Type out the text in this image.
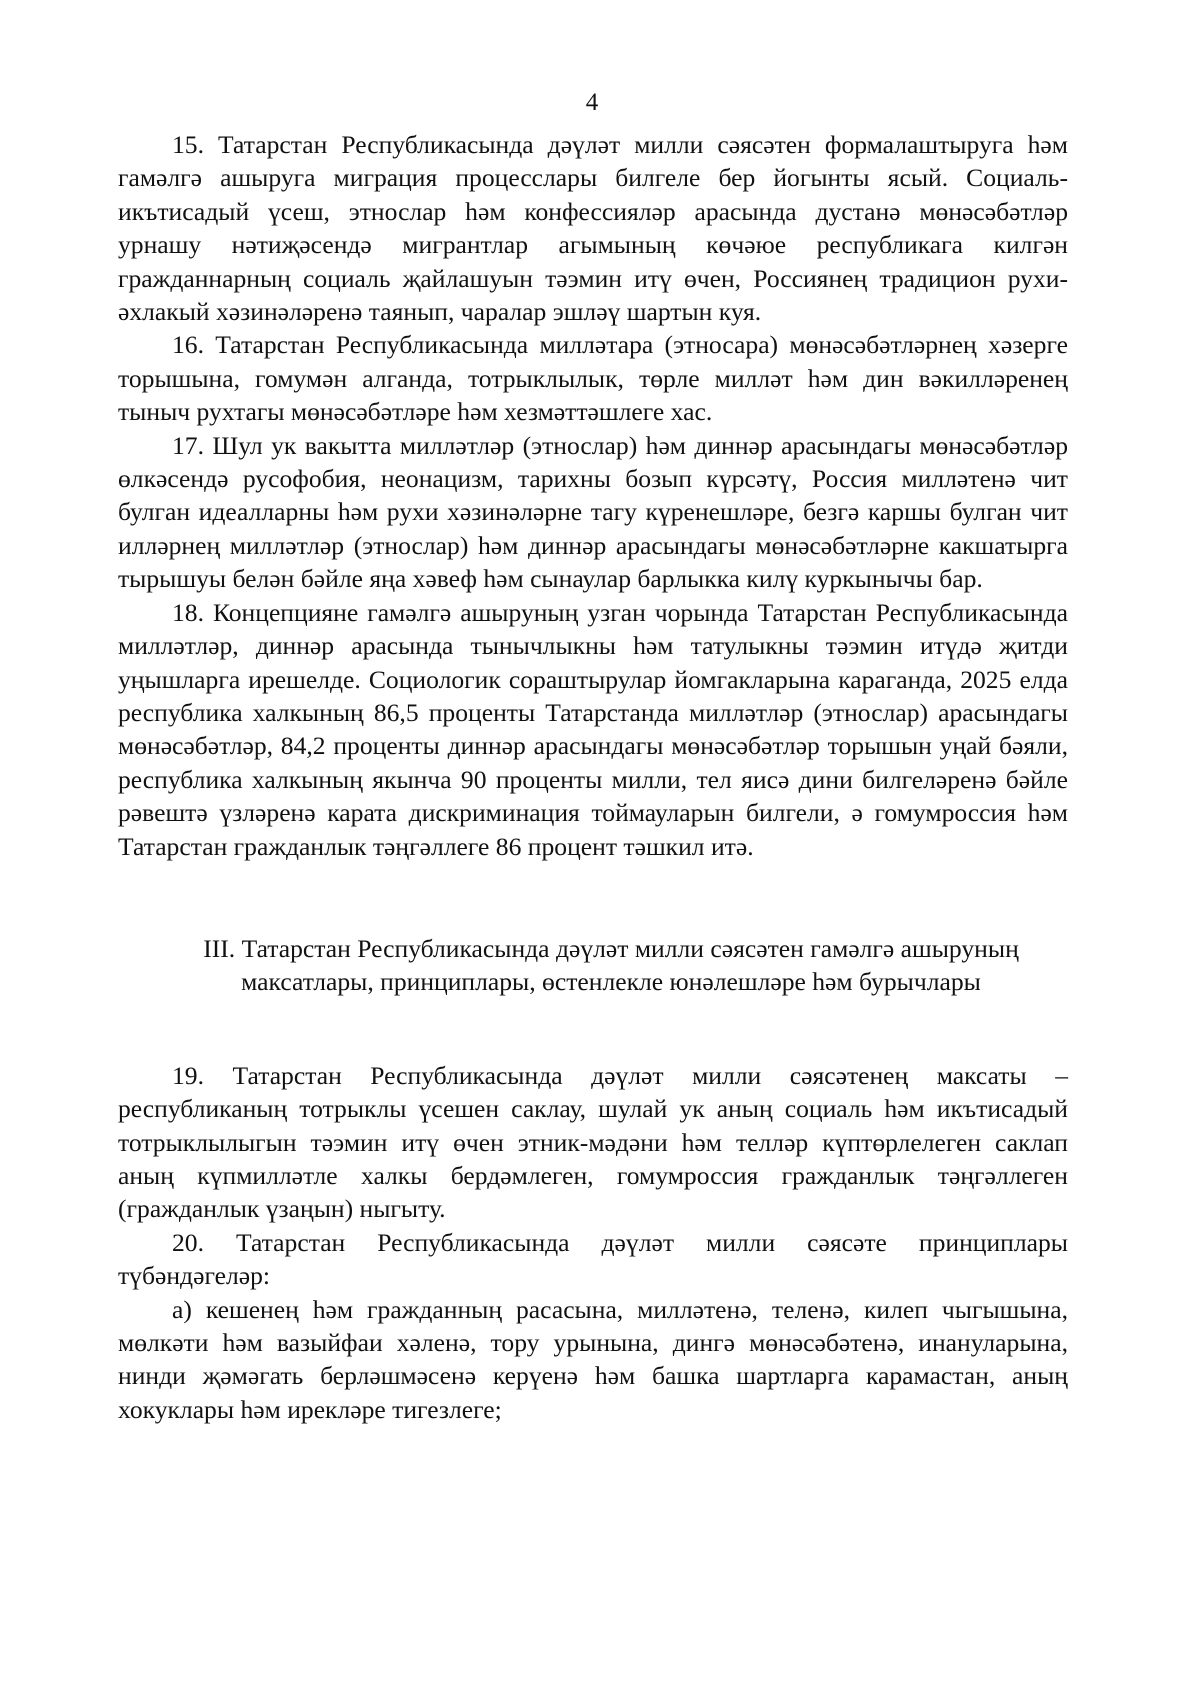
4

15. Татарстан Республикасында дәүләт милли сәясәтен формалаштыруга һәм гамәлгә ашыруга миграция процесслары билгеле бер йогынты ясый. Социаль-икътисадый үсеш, этнослар һәм конфессияләр арасында дустанә мөнәсәбәтләр урнашу нәтиҗәсендә мигрантлар агымының көчәюе республикага килгән гражданнарның социаль җайлашуын тәэмин итү өчен, Россиянең традицион рухи-әхлакый хәзинәләренә таянып, чаралар эшләү шартын куя.

16. Татарстан Республикасында милләтара (этносара) мөнәсәбәтләрнең хәзерге торышына, гомумән алганда, тотрыклылык, төрле милләт һәм дин вәкилләренең тыныч рухтагы мөнәсәбәтләре һәм хезмәттәшлеге хас.

17. Шул ук вакытта милләтләр (этнослар) һәм диннәр арасындагы мөнәсәбәтләр өлкәсендә русофобия, неонацизм, тарихны бозып күрсәтү, Россия милләтенә чит булган идеалларны һәм рухи хәзинәләрне тагу күренешләре, безгә каршы булган чит илләрнең милләтләр (этнослар) һәм диннәр арасындагы мөнәсәбәтләрне какшатырга тырышуы белән бәйле яңа хәвеф һәм сынаулар барлыкка килү куркынычы бар.

18. Концепцияне гамәлгә ашыруның узган чорында Татарстан Республикасында милләтләр, диннәр арасында тынычлыкны һәм татулыкны тәэмин итүдә җитди уңышларга ирешелде. Социологик сораштырулар йомгакларына караганда, 2025 елда республика халкының 86,5 проценты Татарстанда милләтләр (этнослар) арасындагы мөнәсәбәтләр, 84,2 проценты диннәр арасындагы мөнәсәбәтләр торышын уңай бәяли, республика халкының якынча 90 проценты милли, тел яисә дини билгеләренә бәйле рәвештә үзләренә карата дискриминация тоймауларын билгели, ә гомумроссия һәм Татарстан гражданлык тәңгәллеге 86 процент тәшкил итә.

III. Татарстан Республикасында дәүләт милли сәясәтен гамәлгә ашыруның максатлары, принциплары, өстенлекле юнәлешләре һәм бурычлары

19. Татарстан Республикасында дәүләт милли сәясәтенең максаты – республиканың тотрыклы үсешен саклау, шулай ук аның социаль һәм икътисадый тотрыклылыгын тәэмин итү өчен этник-мәдәни һәм телләр күптөрлелеген саклап аның күпмилләтле халкы бердәмлеген, гомумроссия гражданлык тәңгәллеген (гражданлык үзаңын) ныгыту.

20. Татарстан Республикасында дәүләт милли сәясәте принциплары түбәндәгеләр:

а) кешенең һәм гражданның расасына, милләтенә, теленә, килеп чыгышына, мөлкәти һәм вазыйфаи хәленә, тору урынына, дингә мөнәсәбәтенә, инануларына, нинди җәмәгать берләшмәсенә керүенә һәм башка шартларга карамастан, аның хокуклары һәм ирекләре тигезлеге;
